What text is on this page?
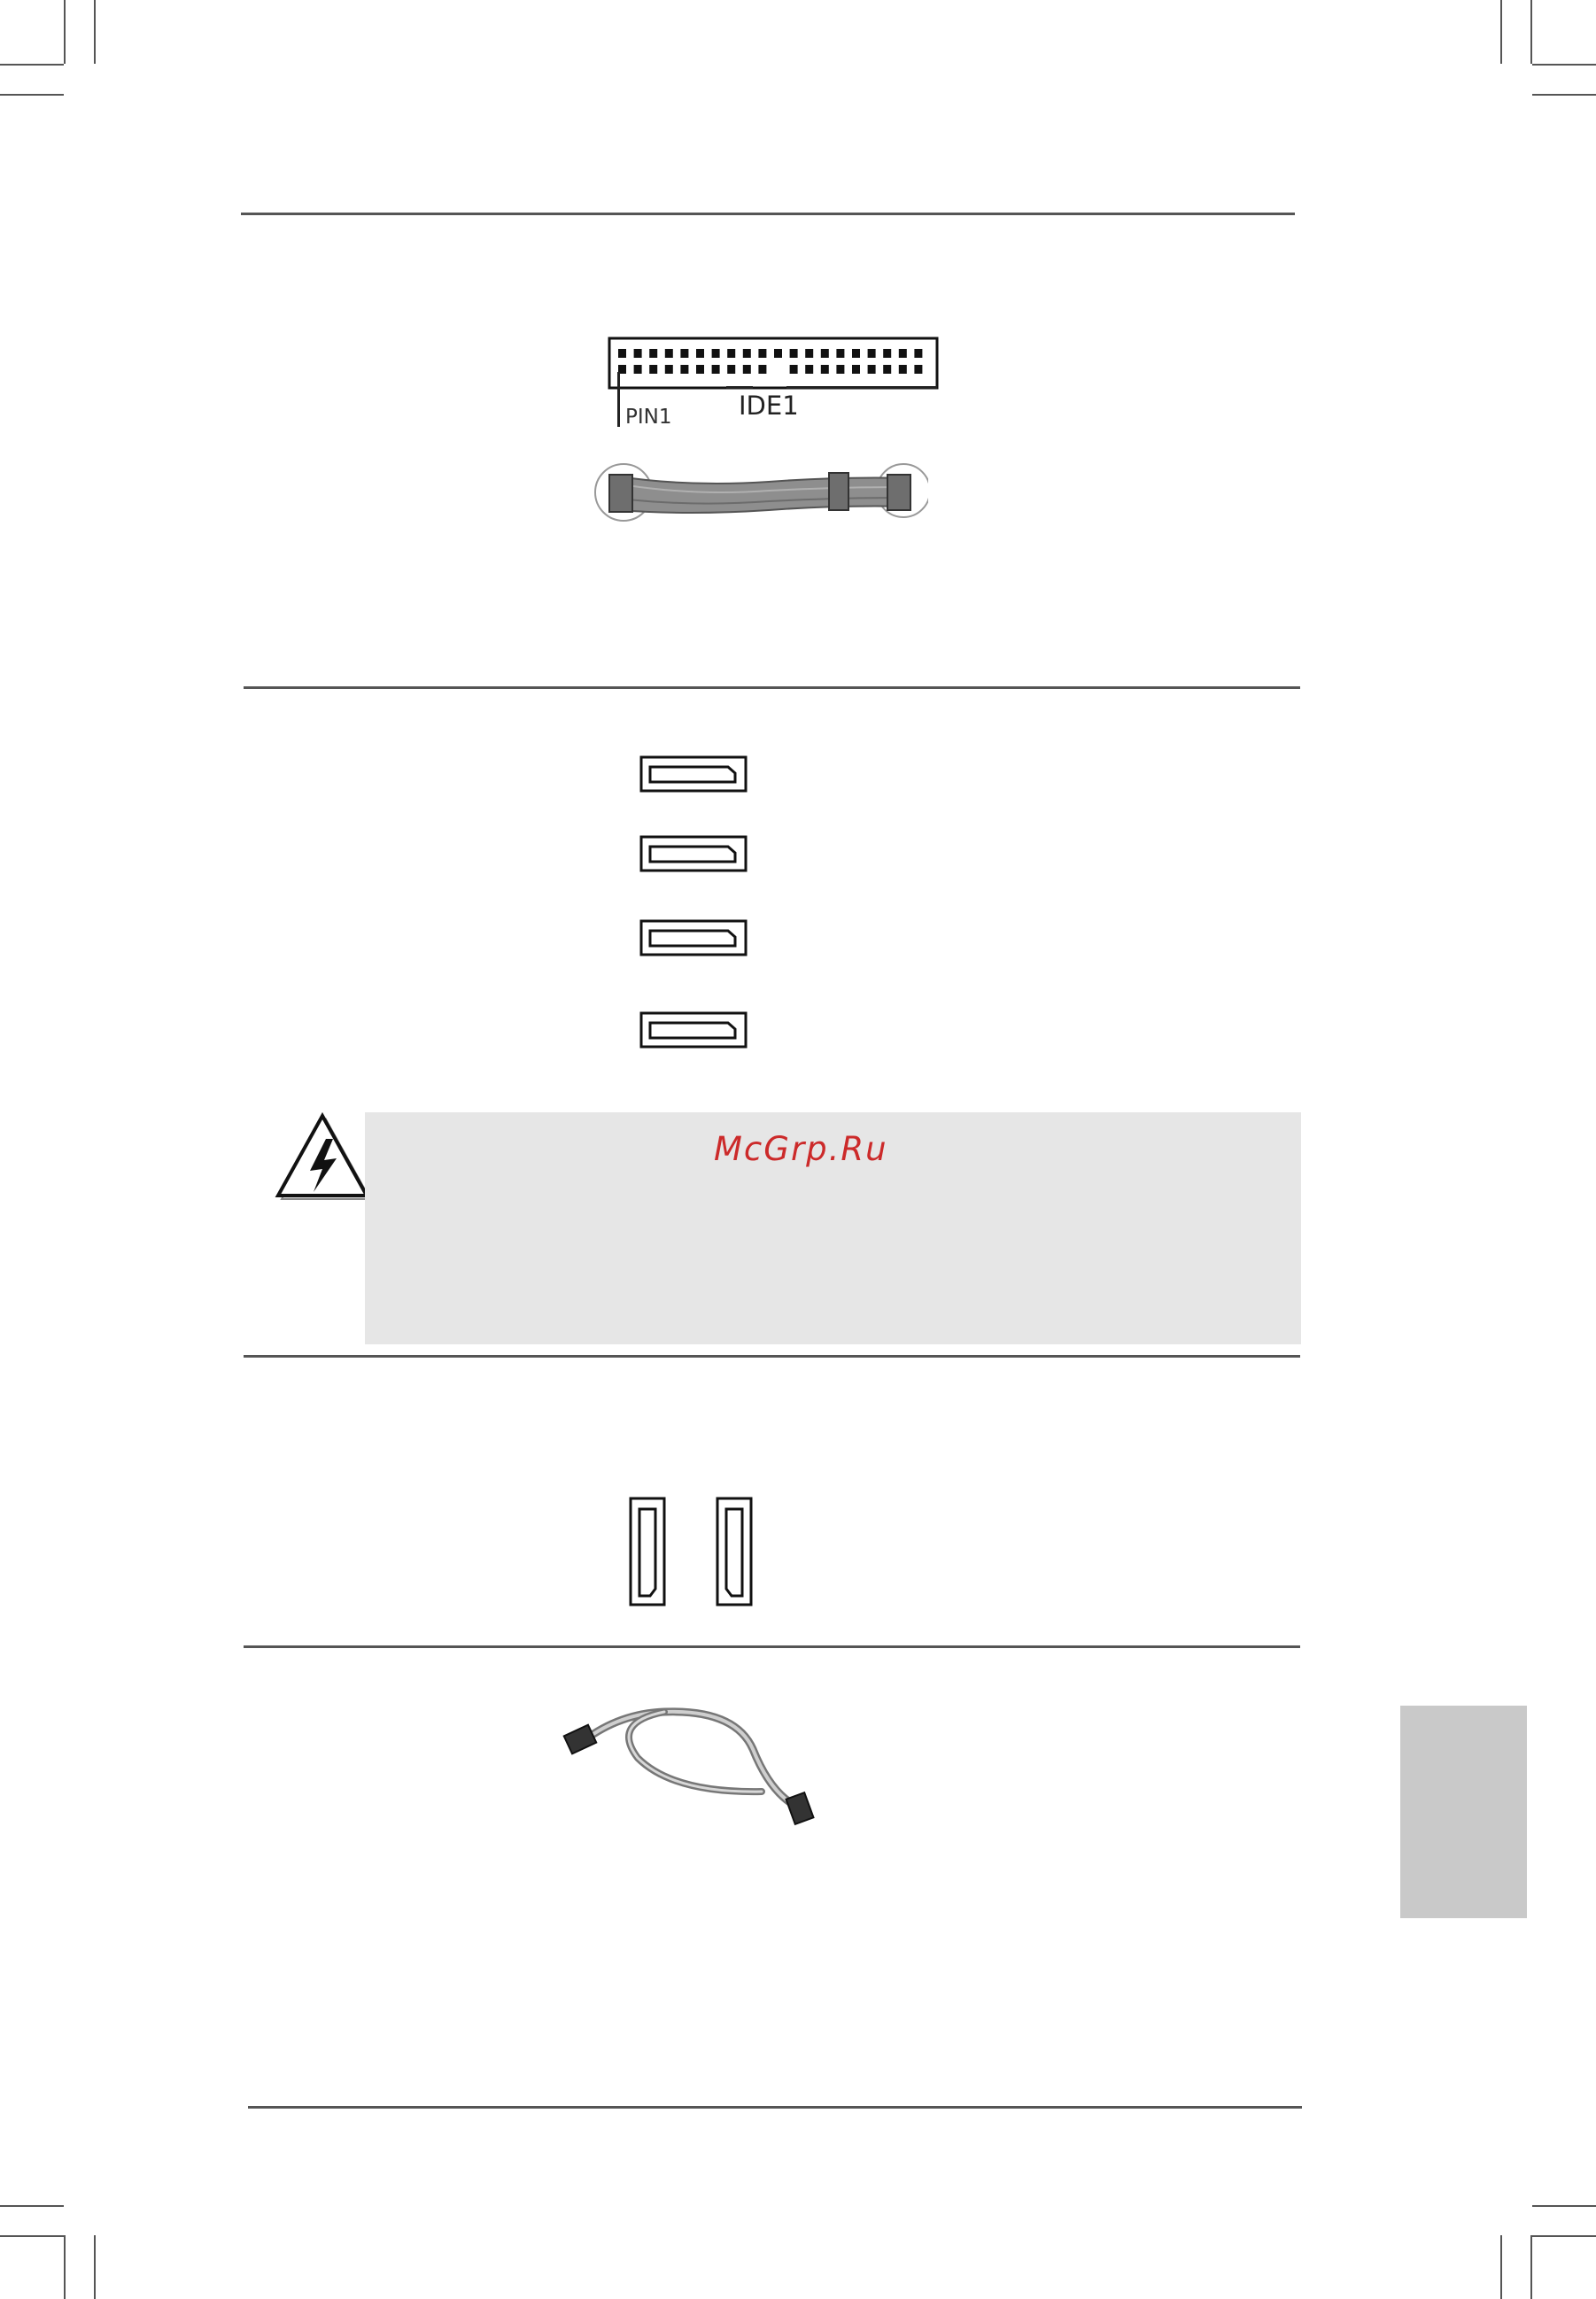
PIN1	IDE1
McGrp.Ru
